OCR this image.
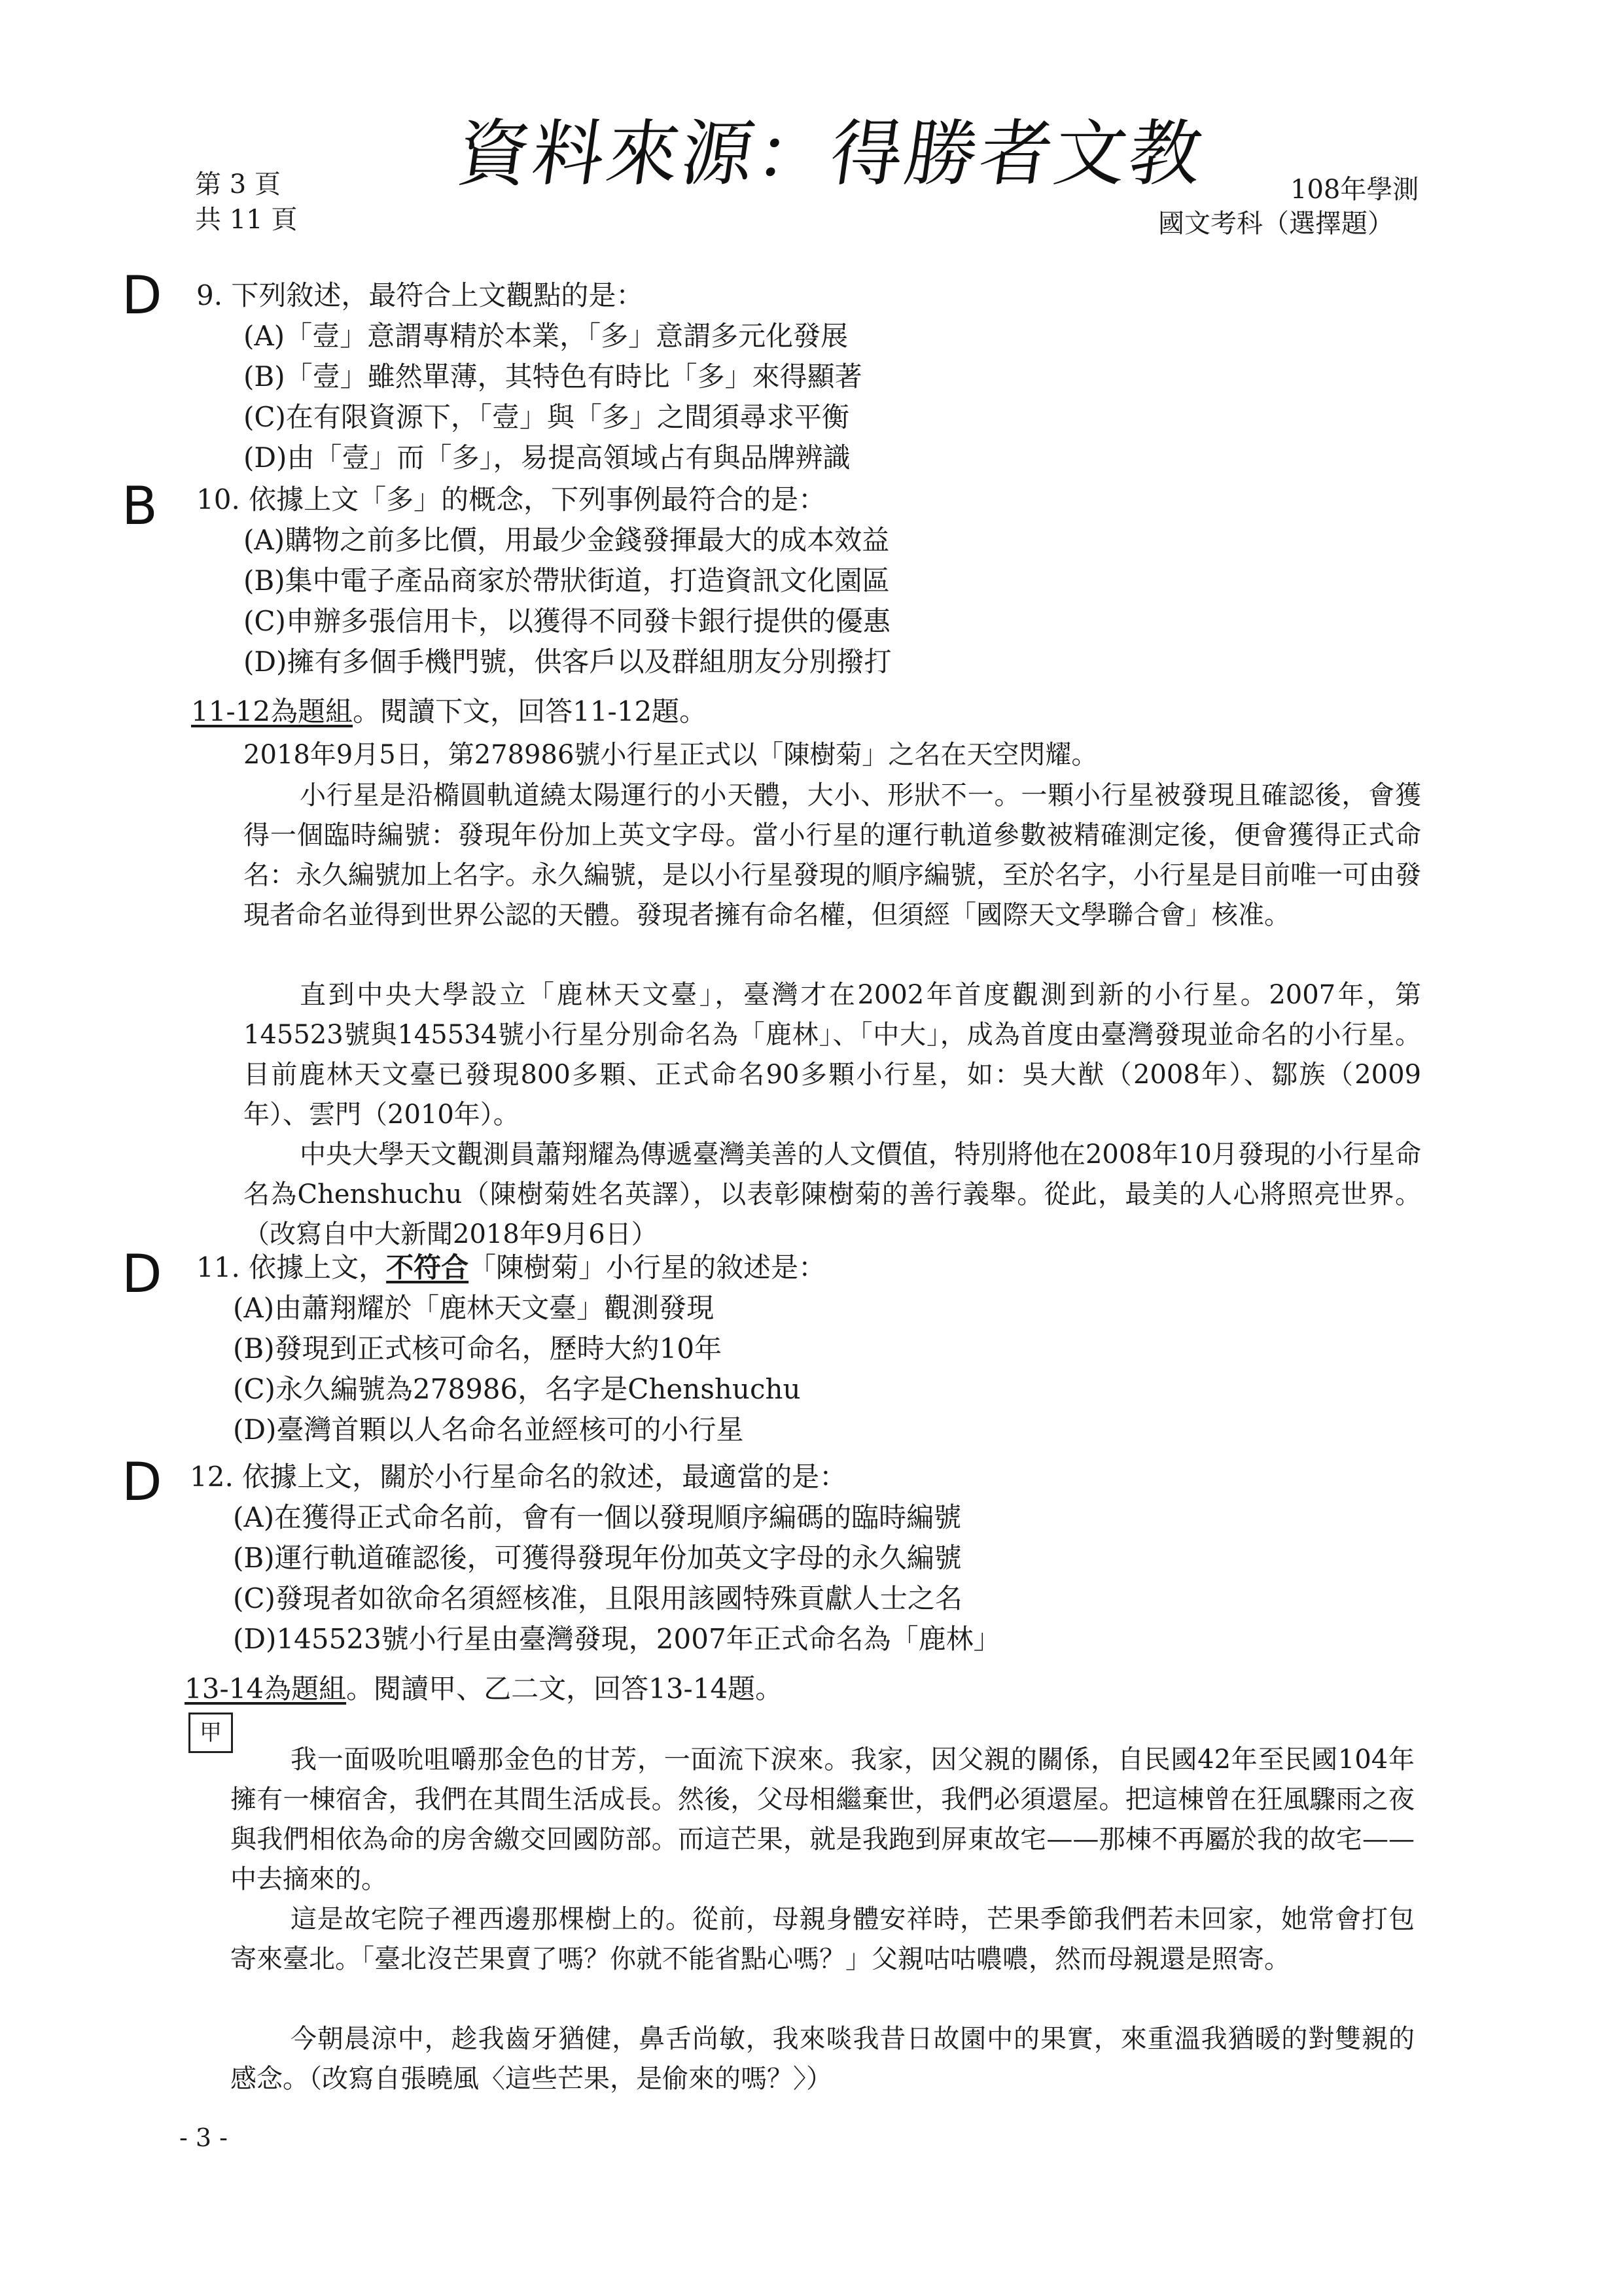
第 3 頁
共 11 頁
資料來源：得勝者文教	108年學測
國文考科（選擇題）
D 9. 下列敘述，最符合上文觀點的是：
(A)「壹」意謂專精於本業，「多」意謂多元化發展
(B)「壹」雖然單薄，其特色有時比「多」來得顯著
(C)在有限資源下，「壹」與「多」之間須尋求平衡
(D)由「壹」而「多」，易提高領域占有與品牌辨識
B 10. 依據上文「多」的概念，下列事例最符合的是：
(A)購物之前多比價，用最少金錢發揮最大的成本效益
(B)集中電子產品商家於帶狀街道，打造資訊文化園區
(C)申辦多張信用卡，以獲得不同發卡銀行提供的優惠
(D)擁有多個手機門號，供客戶以及群組朋友分別撥打
11-12為題組。閱讀下文，回答11-12題。
2018年9月5日，第278986號小行星正式以「陳樹菊」之名在天空閃耀。
小行星是沿橢圓軌道繞太陽運行的小天體，大小、形狀不一。一顆小行星被發現且確認後，會獲得一個臨時編號：發現年份加上英文字母。當小行星的運行軌道參數被精確測定後，便會獲得正式命名：永久編號加上名字。永久編號，是以小行星發現的順序編號，至於名字，小行星是目前唯一可由發現者命名並得到世界公認的天體。發現者擁有命名權，但須經「國際天文學聯合會」核准。
直到中央大學設立「鹿林天文臺」，臺灣才在2002年首度觀測到新的小行星。2007年，第145523號與145534號小行星分別命名為「鹿林」、「中大」，成為首度由臺灣發現並命名的小行星。目前鹿林天文臺已發現800多顆、正式命名90多顆小行星，如：吳大猷（2008年）、鄒族（2009年）、雲門（2010年）。
中央大學天文觀測員蕭翔耀為傳遞臺灣美善的人文價值，特別將他在2008年10月發現的小行星命名為Chenshuchu（陳樹菊姓名英譯），以表彰陳樹菊的善行義舉。從此，最美的人心將照亮世界。（改寫自中大新聞2018年9月6日）
D 11. 依據上文，不符合「陳樹菊」小行星的敘述是：
(A)由蕭翔耀於「鹿林天文臺」觀測發現
(B)發現到正式核可命名，歷時大約10年
(C)永久編號為278986，名字是Chenshuchu
(D)臺灣首顆以人名命名並經核可的小行星
D 12. 依據上文，關於小行星命名的敘述，最適當的是：
(A)在獲得正式命名前，會有一個以發現順序編碼的臨時編號
(B)運行軌道確認後，可獲得發現年份加英文字母的永久編號
(C)發現者如欲命名須經核准，且限用該國特殊貢獻人士之名
(D)145523號小行星由臺灣發現，2007年正式命名為「鹿林」
13-14為題組。閱讀甲、乙二文，回答13-14題。
甲
我一面吸吮咀嚼那金色的甘芳，一面流下淚來。我家，因父親的關係，自民國42年至民國104年擁有一棟宿舍，我們在其間生活成長。然後，父母相繼棄世，我們必須還屋。把這棟曾在狂風驟雨之夜與我們相依為命的房舍繳交回國防部。而這芒果，就是我跑到屏東故宅——那棟不再屬於我的故宅——中去摘來的。
這是故宅院子裡西邊那棵樹上的。從前，母親身體安祥時，芒果季節我們若未回家，她常會打包寄來臺北。「臺北沒芒果賣了嗎？你就不能省點心嗎？」父親咕咕噥噥，然而母親還是照寄。
今朝晨涼中，趁我齒牙猶健，鼻舌尚敏，我來啖我昔日故園中的果實，來重溫我猶暖的對雙親的感念。（改寫自張曉風〈這些芒果，是偷來的嗎？〉）
- 3 -
